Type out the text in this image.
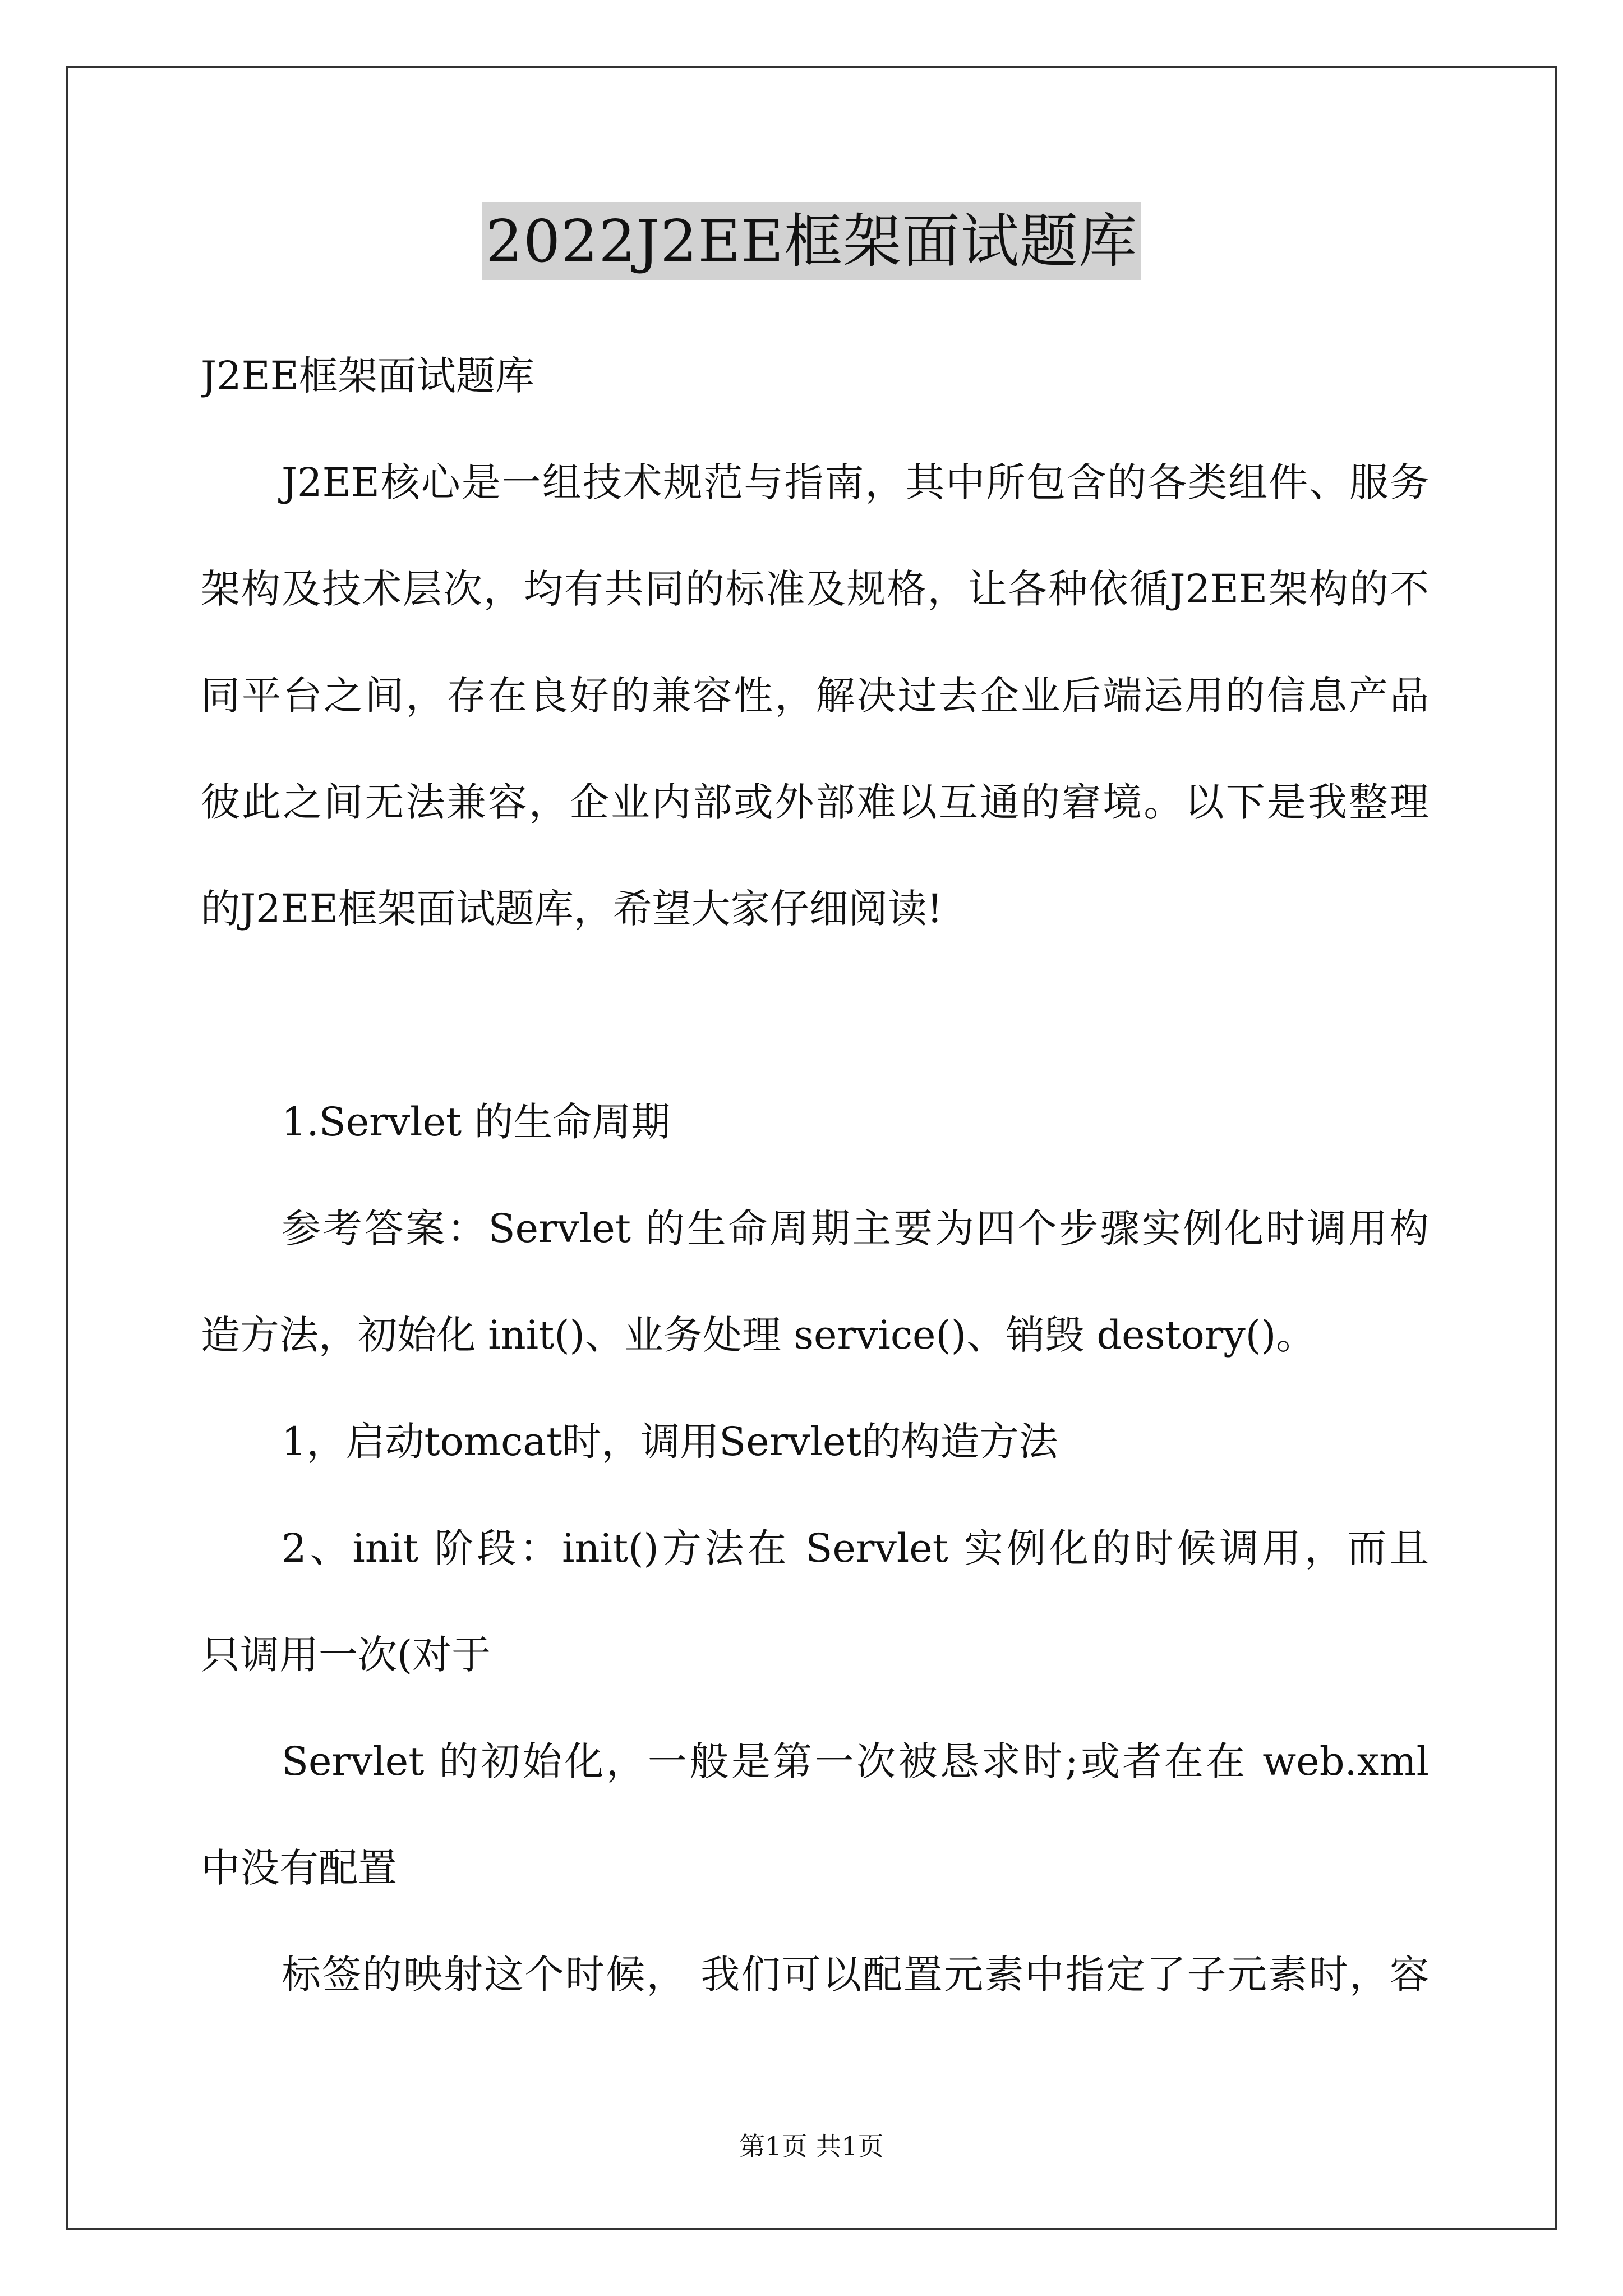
2022J2EE框架面试题库
J2EE框架面试题库
J2EE核心是一组技术规范与指南，其中所包含的各类组件、服务
架构及技术层次，均有共同的标准及规格，让各种依循J2EE架构的不
同平台之间，存在良好的兼容性，解决过去企业后端运用的信息产品
彼此之间无法兼容，企业内部或外部难以互通的窘境。以下是我整理
的J2EE框架面试题库，希望大家仔细阅读!
1.Servlet 的生命周期
参考答案：Servlet 的生命周期主要为四个步骤实例化时调用构
造方法，初始化 init()、业务处理 service()、销毁 destory()。
1，启动tomcat时，调用Servlet的构造方法
2、init 阶段：init()方法在 Servlet 实例化的时候调用，而且
只调用一次(对于
Servlet 的初始化，一般是第一次被恳求时;或者在在 web.xml
中没有配置
标签的映射这个时候， 我们可以配置元素中指定了子元素时，容
第1页 共1页
